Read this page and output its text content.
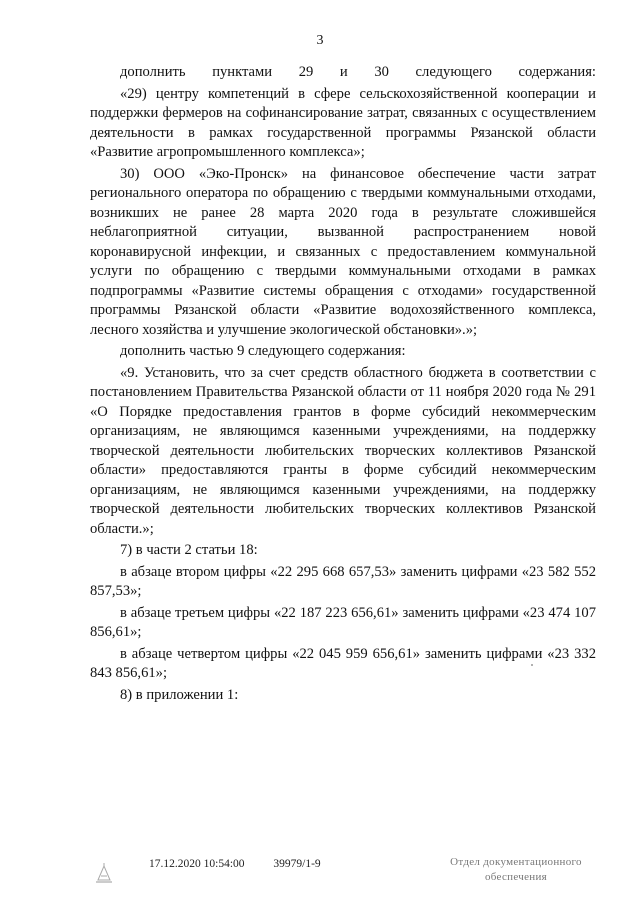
3

дополнить пунктами 29 и 30 следующего содержания:

«29) центру компетенций в сфере сельскохозяйственной кооперации и поддержки фермеров на софинансирование затрат, связанных с осуществлением деятельности в рамках государственной программы Рязанской области «Развитие агропромышленного комплекса»;

30) ООО «Эко-Пронск» на финансовое обеспечение части затрат регионального оператора по обращению с твердыми коммунальными отходами, возникших не ранее 28 марта 2020 года в результате сложившейся неблагоприятной ситуации, вызванной распространением новой коронавирусной инфекции, и связанных с предоставлением коммунальной услуги по обращению с твердыми коммунальными отходами в рамках подпрограммы «Развитие системы обращения с отходами» государственной программы Рязанской области «Развитие водохозяйственного комплекса, лесного хозяйства и улучшение экологической обстановки».»;

дополнить частью 9 следующего содержания:

«9. Установить, что за счет средств областного бюджета в соответствии с постановлением Правительства Рязанской области от 11 ноября 2020 года № 291 «О Порядке предоставления грантов в форме субсидий некоммерческим организациям, не являющимся казенными учреждениями, на поддержку творческой деятельности любительских творческих коллективов Рязанской области» предоставляются гранты в форме субсидий некоммерческим организациям, не являющимся казенными учреждениями, на поддержку творческой деятельности любительских творческих коллективов Рязанской области.»;

7) в части 2 статьи 18:

в абзаце втором цифры «22 295 668 657,53» заменить цифрами «23 582 552 857,53»;

в абзаце третьем цифры «22 187 223 656,61» заменить цифрами «23 474 107 856,61»;

в абзаце четвертом цифры «22 045 959 656,61» заменить цифрами «23 332 843 856,61»;

8) в приложении 1:

17.12.2020 10:54:00	39979/1-9	Отдел документационного обеспечения
